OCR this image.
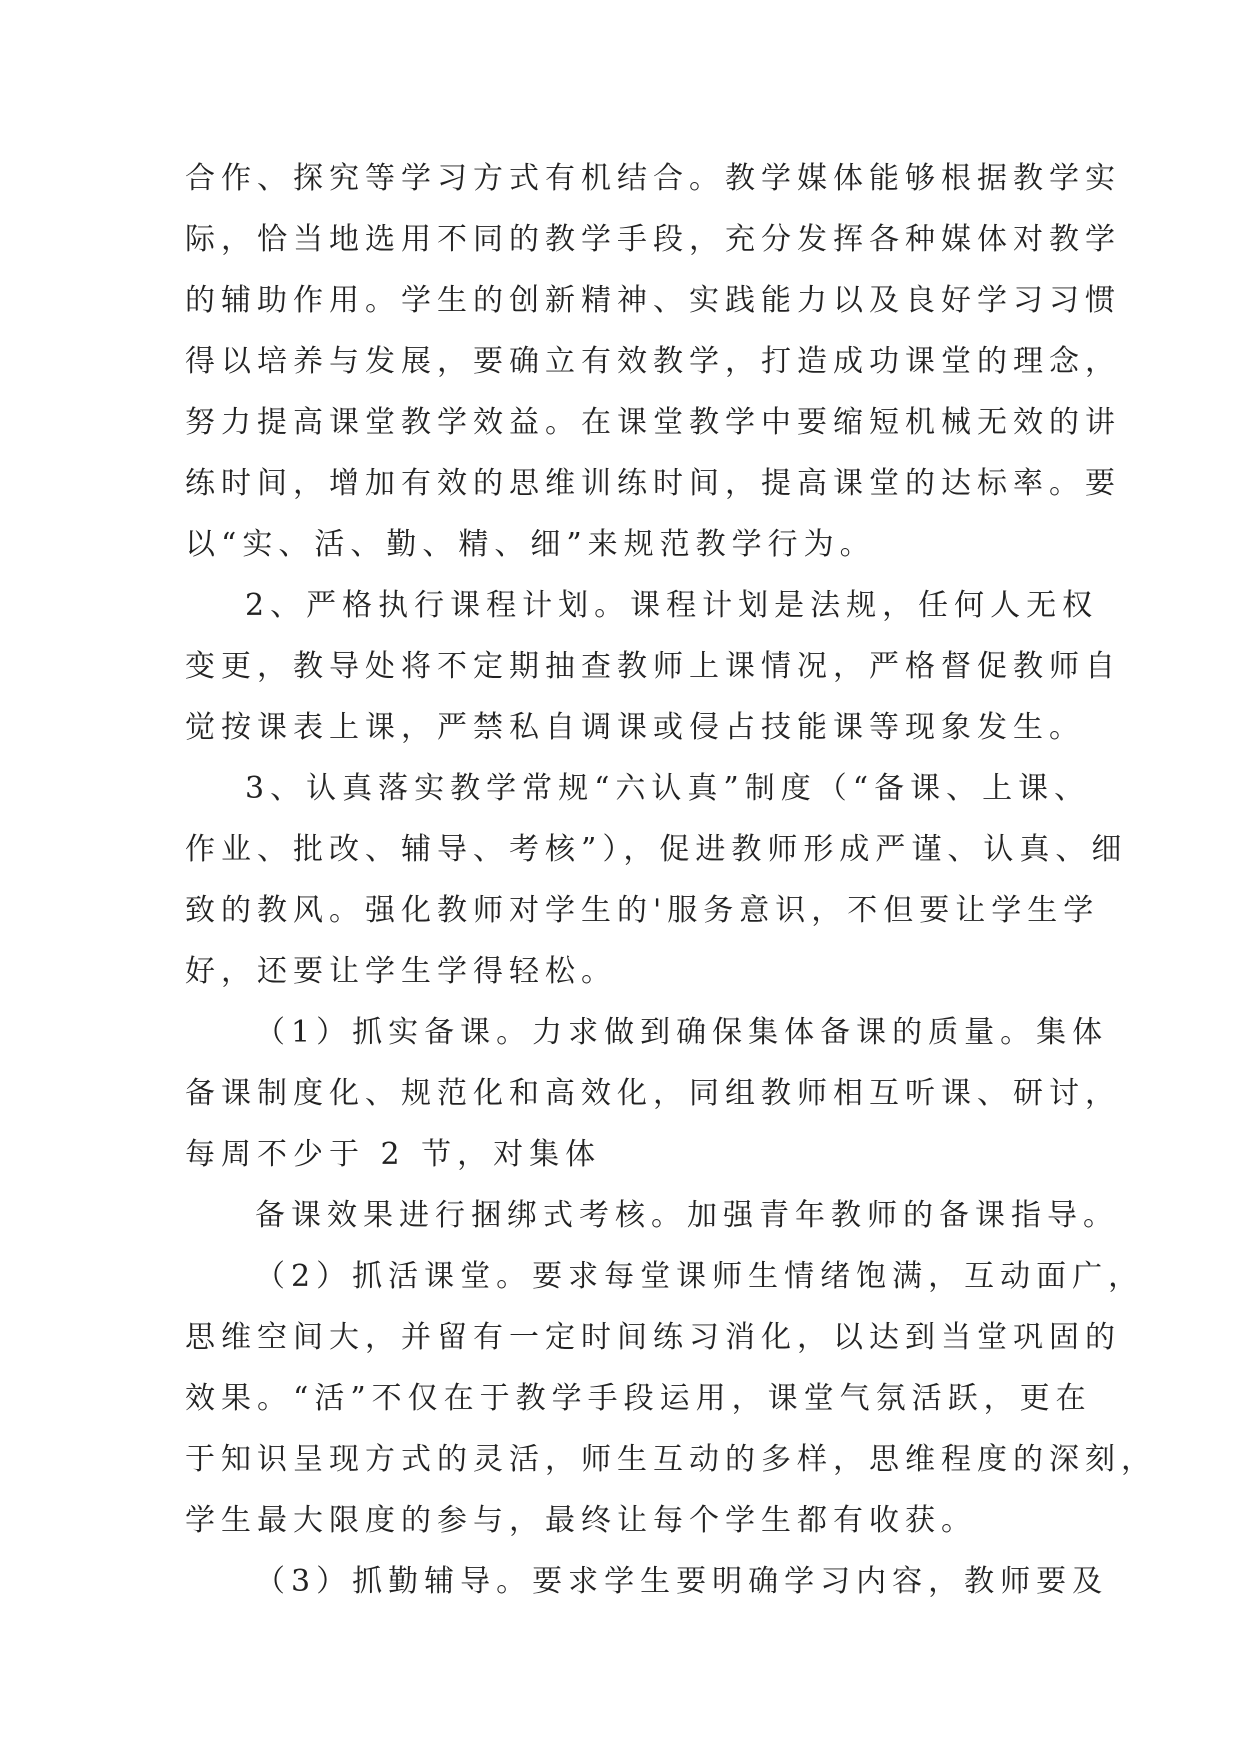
合作、探究等学习方式有机结合。教学媒体能够根据教学实
际，恰当地选用不同的教学手段，充分发挥各种媒体对教学
的辅助作用。学生的创新精神、实践能力以及良好学习习惯
得以培养与发展，要确立有效教学，打造成功课堂的理念，
努力提高课堂教学效益。在课堂教学中要缩短机械无效的讲
练时间，增加有效的思维训练时间，提高课堂的达标率。要
以“实、活、勤、精、细”来规范教学行为。
2、严格执行课程计划。课程计划是法规，任何人无权
变更，教导处将不定期抽查教师上课情况，严格督促教师自
觉按课表上课，严禁私自调课或侵占技能课等现象发生。
3、认真落实教学常规“六认真”制度（“备课、上课、
作业、批改、辅导、考核”），促进教师形成严谨、认真、细
致的教风。强化教师对学生的'服务意识，不但要让学生学
好，还要让学生学得轻松。
（1）抓实备课。力求做到确保集体备课的质量。集体
备课制度化、规范化和高效化，同组教师相互听课、研讨，
每周不少于 2 节，对集体
备课效果进行捆绑式考核。加强青年教师的备课指导。
（2）抓活课堂。要求每堂课师生情绪饱满，互动面广，
思维空间大，并留有一定时间练习消化，以达到当堂巩固的
效果。“活”不仅在于教学手段运用，课堂气氛活跃，更在
于知识呈现方式的灵活，师生互动的多样，思维程度的深刻，
学生最大限度的参与，最终让每个学生都有收获。
（3）抓勤辅导。要求学生要明确学习内容，教师要及
